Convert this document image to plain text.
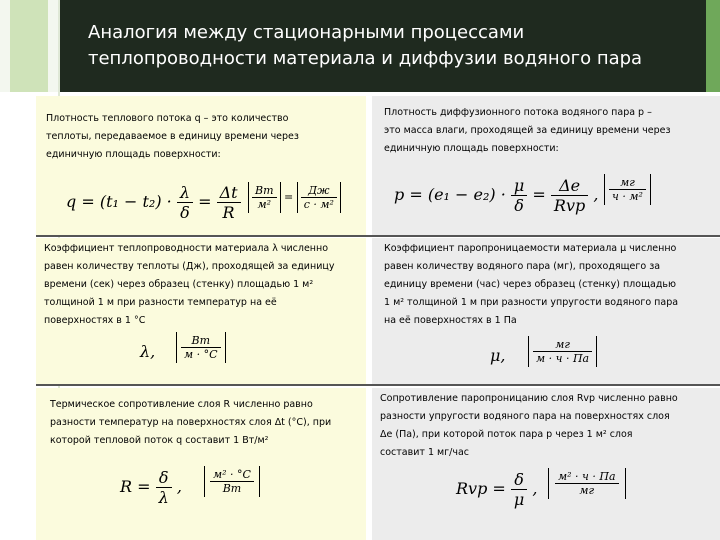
Аналогия между стационарными процессами
теплопроводности материала и диффузии водяного пара
Плотность теплового потока q – это количество
теплоты, передаваемое в единицу времени через
единичную площадь поверхности:
$q = (t_1 - t_2) \cdot \frac{\lambda}{\delta} = \frac{\Delta t}{R} \frac{Вт}{\text{м²}} = \frac{Дж}{\text{с · м²}}$
Плотность диффузионного потока водяного пара p –
это масса влаги, проходящей за единицу времени через
единичную площадь поверхности:
$p = (e_1 - e_2) \cdot \frac{\mu}{\delta} = \frac{\Delta e}{\text{Rvp}}$ , $\frac{мг}{\text{ч · м²}}$
Коэффициент теплопроводности материала λ численно
равен количеству теплоты (Дж), проходящей за единицу
времени (сек) через образец (стенку) площадью 1 м²
толщиной 1 м при разности температур на её
поверхностях в 1 °С
λ, $\frac{Вт}{м \cdot ^\circ С}$
Коэффициент паропроницаемости материала μ численно
равен количеству водяного пара (мг), проходящего за
единицу времени (час) через образец (стенку) площадью
1 м² толщиной 1 м при разности упругости водяного пара
на её поверхностях в 1 Па
μ, $\frac{мг}{м \cdot ч \cdot Па}$
Термическое сопротивление слоя R численно равно
разности температур на поверхностях слоя Δt (°С), при
которой тепловой поток q составит 1 Вт/м²
$R = \frac{\delta}{\lambda}$ , $\frac{\text{м² · °С}}{Вт}$
Сопротивление паропроницанию слоя Rvp численно равно
разности упругости водяного пара на поверхностях слоя
Δe (Па), при которой поток пара p через 1 м² слоя
составит 1 мг/час
Rvp = $\frac{\delta}{\mu}$ , $\frac{\text{м² · ч · Па}}{мг}$
